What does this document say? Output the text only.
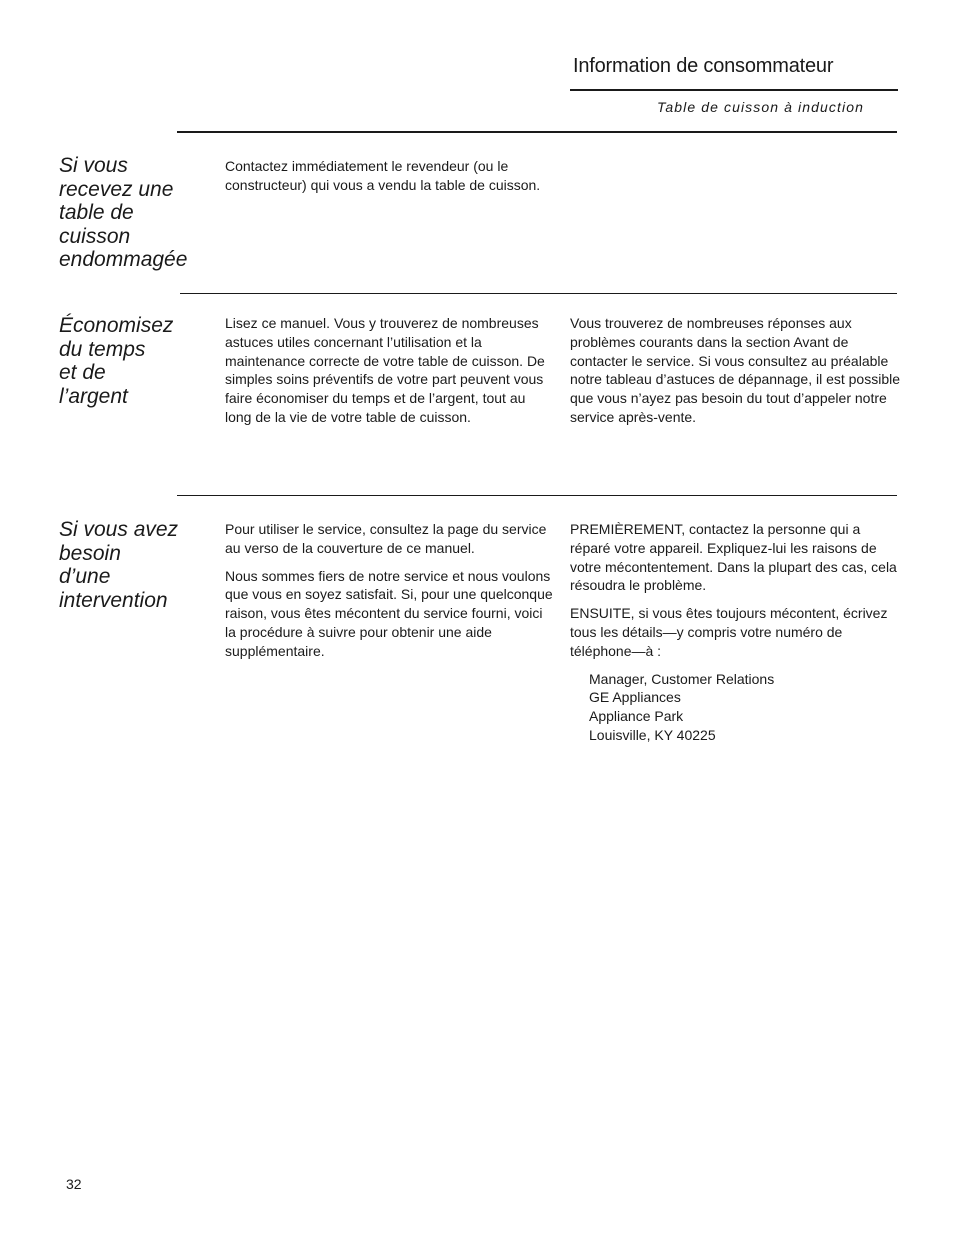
Information de consommateur
Table de cuisson à induction
Si vous
recevez une
table de
cuisson
endommagée

Contactez immédiatement le revendeur (ou le constructeur) qui vous a vendu la table de cuisson.

Économisez
du temps
et de
l’argent

Lisez ce manuel. Vous y trouverez de nombreuses astuces utiles concernant l’utilisation et la maintenance correcte de votre table de cuisson. De simples soins préventifs de votre part peuvent vous faire économiser du temps et de l’argent, tout au long de la vie de votre table de cuisson.

Vous trouverez de nombreuses réponses aux problèmes courants dans la section Avant de contacter le service. Si vous consultez au préalable notre tableau d’astuces de dépannage, il est possible que vous n’ayez pas besoin du tout d’appeler notre service après-vente.

Si vous avez
besoin
d’une
intervention

Pour utiliser le service, consultez la page du service au verso de la couverture de ce manuel.

Nous sommes fiers de notre service et nous voulons que vous en soyez satisfait. Si, pour une quelconque raison, vous êtes mécontent du service fourni, voici la procédure à suivre pour obtenir une aide supplémentaire.

PREMIÈREMENT, contactez la personne qui a réparé votre appareil. Expliquez-lui les raisons de votre mécontentement. Dans la plupart des cas, cela résoudra le problème.

ENSUITE, si vous êtes toujours mécontent, écrivez tous les détails—y compris votre numéro de téléphone—à :

Manager, Customer Relations
GE Appliances
Appliance Park
Louisville, KY 40225
32
